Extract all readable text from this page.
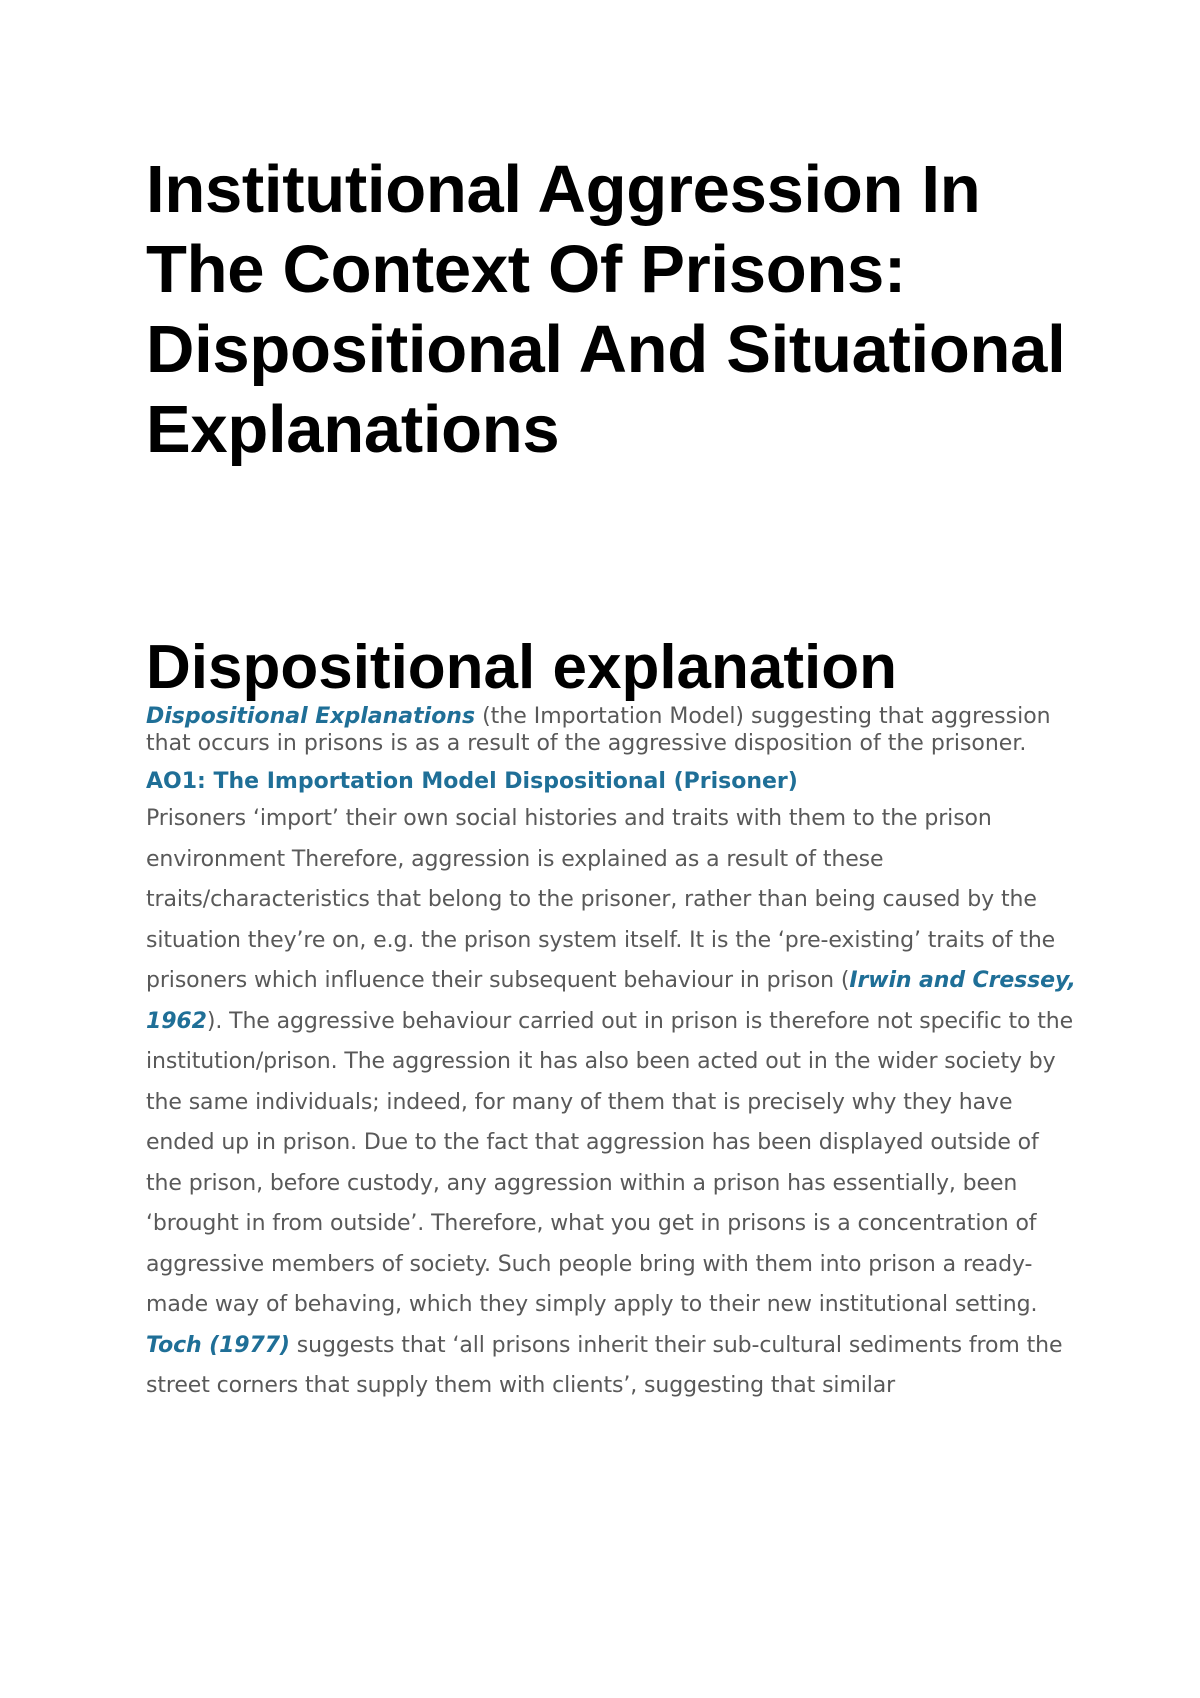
Institutional Aggression In The Context Of Prisons: Dispositional And Situational Explanations
Dispositional explanation

Dispositional Explanations (the Importation Model) suggesting that aggression that occurs in prisons is as a result of the aggressive disposition of the prisoner.

AO1: The Importation Model Dispositional (Prisoner)

Prisoners ‘import’ their own social histories and traits with them to the prison environment Therefore, aggression is explained as a result of these traits/characteristics that belong to the prisoner, rather than being caused by the situation they’re on, e.g. the prison system itself. It is the ‘pre-existing’ traits of the prisoners which influence their subsequent behaviour in prison (Irwin and Cressey, 1962). The aggressive behaviour carried out in prison is therefore not specific to the institution/prison. The aggression it has also been acted out in the wider society by the same individuals; indeed, for many of them that is precisely why they have ended up in prison. Due to the fact that aggression has been displayed outside of the prison, before custody, any aggression within a prison has essentially, been ‘brought in from outside’. Therefore, what you get in prisons is a concentration of aggressive members of society. Such people bring with them into prison a ready-made way of behaving, which they simply apply to their new institutional setting. Toch (1977) suggests that ‘all prisons inherit their sub-cultural sediments from the street corners that supply them with clients’, suggesting that similar
